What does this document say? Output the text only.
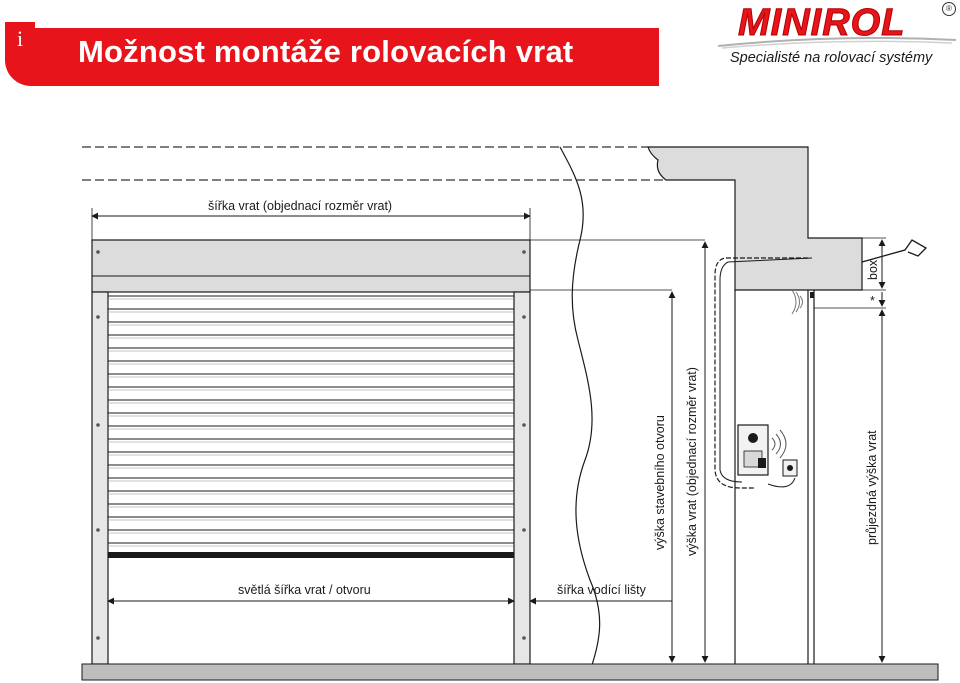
i	Možnost montáže rolovacích vrat
MINIROL	®
Specialisté na rolovací systémy
šířka vrat (objednací rozměr vrat)
světlá šířka vrat / otvoru	šířka vodící lišty
výška stavebního otvoru výška vrat (objednací rozměr vrat)
box
*
průjezdná výška vrat
